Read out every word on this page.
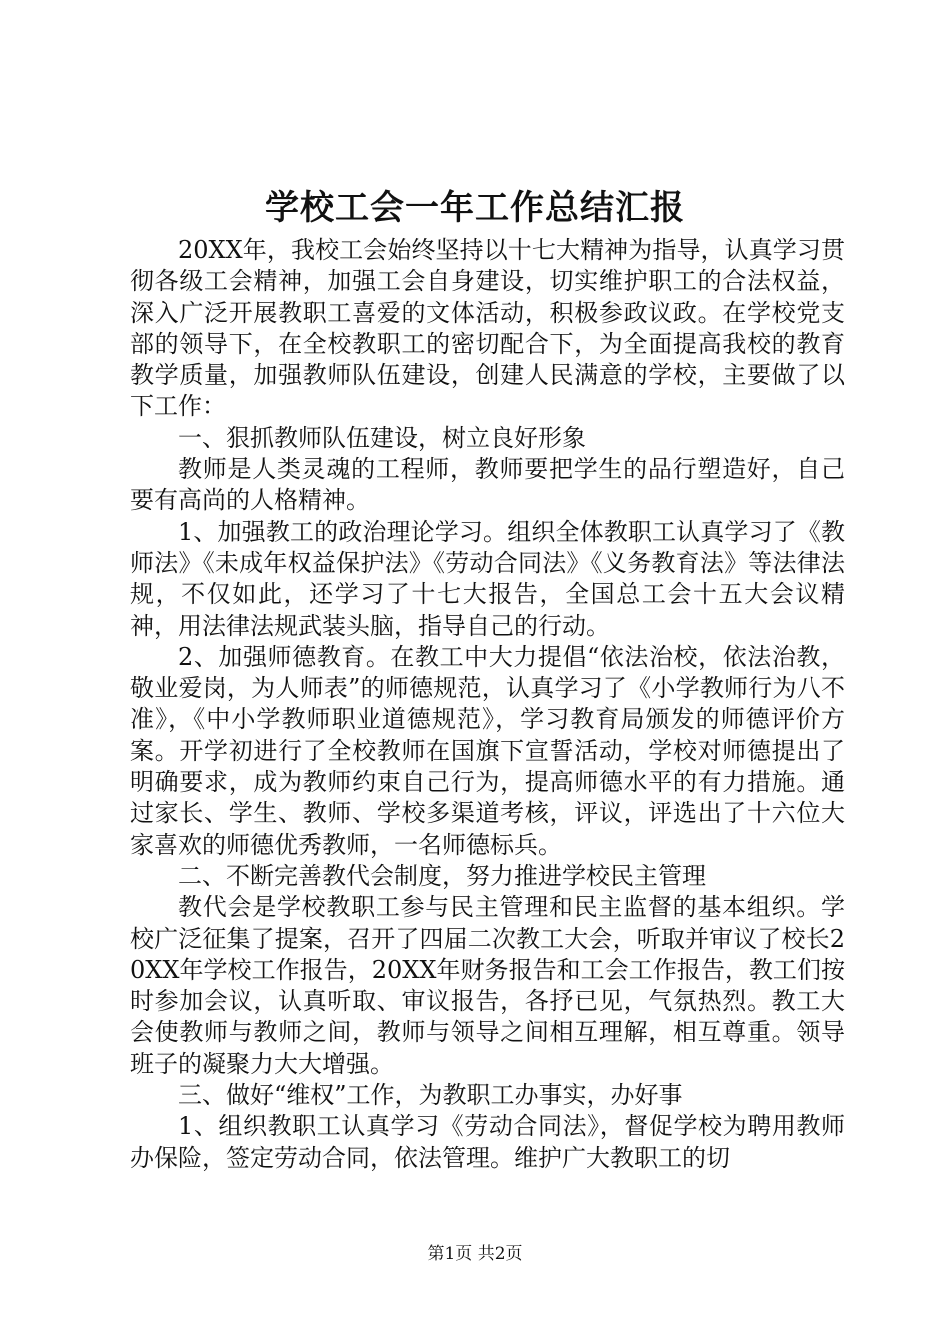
学校工会一年工作总结汇报

20XX年，我校工会始终坚持以十七大精神为指导，认真学习贯彻各级工会精神，加强工会自身建设，切实维护职工的合法权益，深入广泛开展教职工喜爱的文体活动，积极参政议政。在学校党支部的领导下，在全校教职工的密切配合下，为全面提高我校的教育教学质量，加强教师队伍建设，创建人民满意的学校，主要做了以下工作：

一、狠抓教师队伍建设，树立良好形象

教师是人类灵魂的工程师，教师要把学生的品行塑造好，自己要有高尚的人格精神。

1、加强教工的政治理论学习。组织全体教职工认真学习了《教师法》《未成年权益保护法》《劳动合同法》《义务教育法》等法律法规，不仅如此，还学习了十七大报告，全国总工会十五大会议精神，用法律法规武装头脑，指导自己的行动。

2、加强师德教育。在教工中大力提倡“依法治校，依法治教，敬业爱岗，为人师表”的师德规范，认真学习了《小学教师行为八不准》，《中小学教师职业道德规范》，学习教育局颁发的师德评价方案。开学初进行了全校教师在国旗下宣誓活动，学校对师德提出了明确要求，成为教师约束自己行为，提高师德水平的有力措施。通过家长、学生、教师、学校多渠道考核，评议，评选出了十六位大家喜欢的师德优秀教师，一名师德标兵。

二、不断完善教代会制度，努力推进学校民主管理

教代会是学校教职工参与民主管理和民主监督的基本组织。学校广泛征集了提案，召开了四届二次教工大会，听取并审议了校长20XX年学校工作报告，20XX年财务报告和工会工作报告，教工们按时参加会议，认真听取、审议报告，各抒已见，气氛热烈。教工大会使教师与教师之间，教师与领导之间相互理解，相互尊重。领导班子的凝聚力大大增强。

三、做好“维权”工作，为教职工办事实，办好事

1、组织教职工认真学习《劳动合同法》，督促学校为聘用教师办保险，签定劳动合同，依法管理。维护广大教职工的切

第1页 共2页
